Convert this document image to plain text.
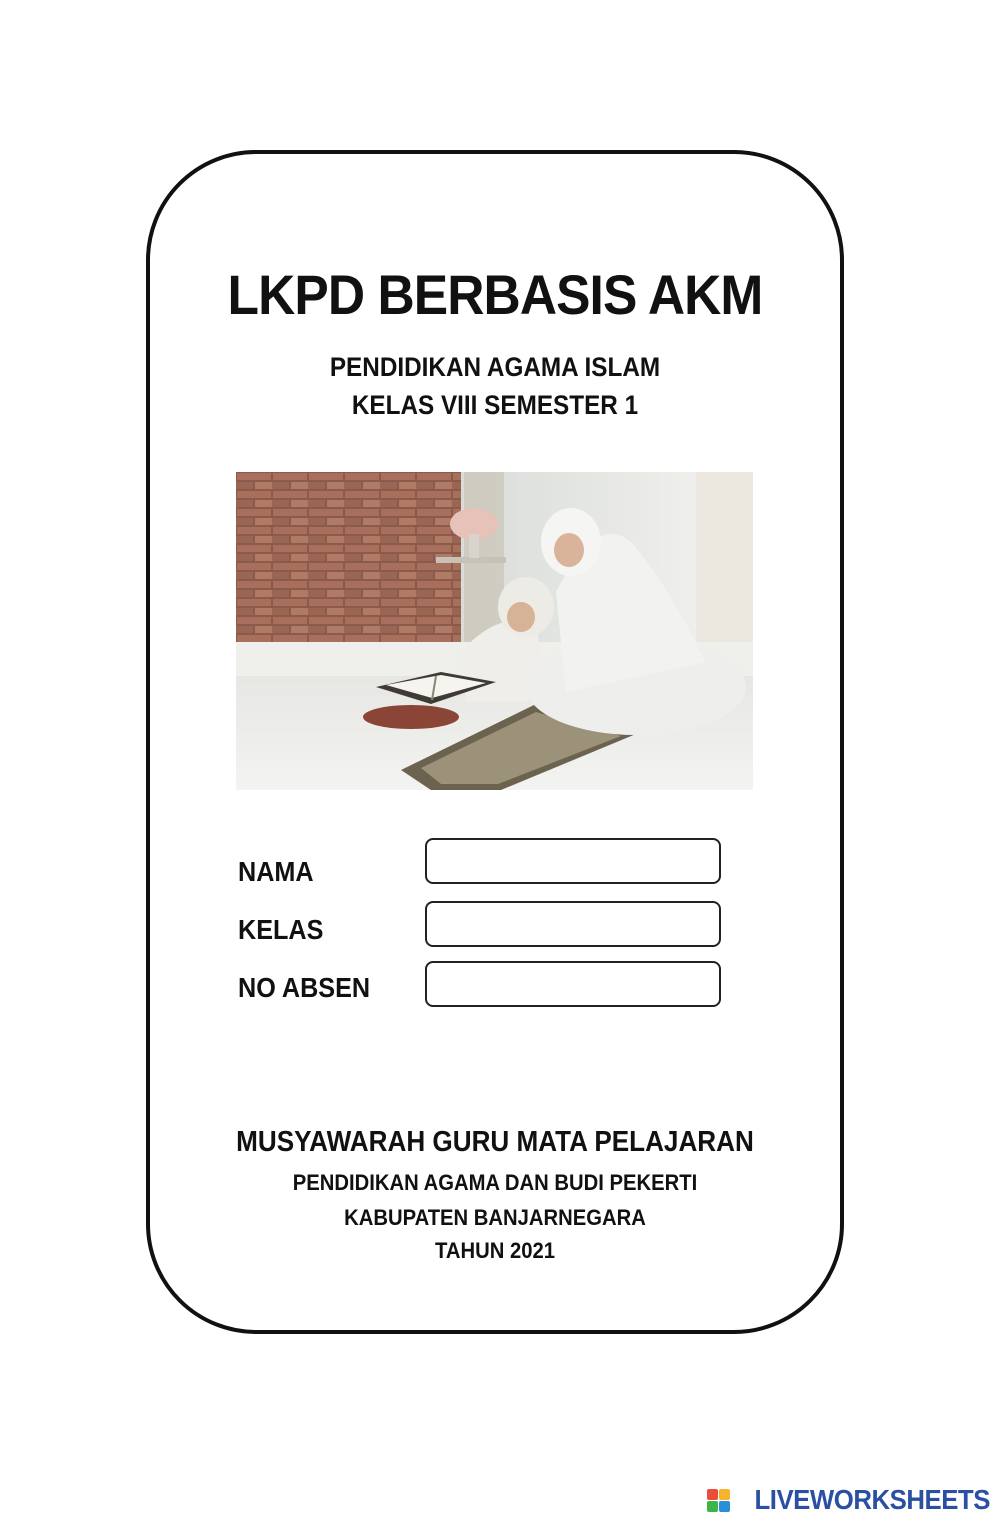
LKPD BERBASIS AKM
PENDIDIKAN AGAMA ISLAM
KELAS VIII SEMESTER 1
NAMA
KELAS
NO ABSEN
MUSYAWARAH GURU MATA PELAJARAN
PENDIDIKAN AGAMA DAN BUDI PEKERTI
KABUPATEN BANJARNEGARA
TAHUN 2021
LIVEWORKSHEETS
